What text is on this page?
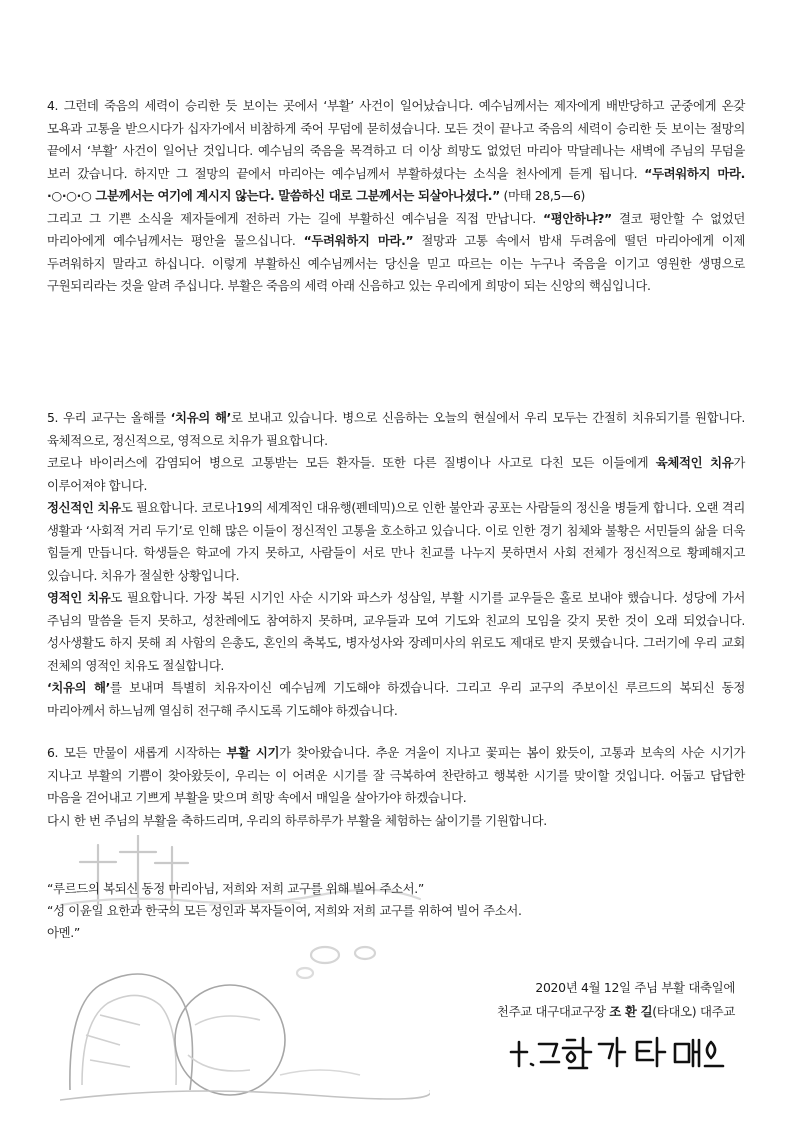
4. 그런데 죽음의 세력이 승리한 듯 보이는 곳에서 ‘부활’ 사건이 일어났습니다. 예수님께서는 제자에게 배반당하고 군중에게 온갖 모욕과 고통을 받으시다가 십자가에서 비참하게 죽어 무덤에 묻히셨습니다. 모든 것이 끝나고 죽음의 세력이 승리한 듯 보이는 절망의 끝에서 ‘부활’ 사건이 일어난 것입니다. 예수님의 죽음을 목격하고 더 이상 희망도 없었던 마리아 막달레나는 새벽에 주님의 무덤을 보러 갔습니다. 하지만 그 절망의 끝에서 마리아는 예수님께서 부활하셨다는 소식을 천사에게 듣게 됩니다. “두려워하지 마라. ·○·○·○ 그분께서는 여기에 계시지 않는다. 말씀하신 대로 그분께서는 되살아나셨다.” (마태 28,5—6)

그리고 그 기쁜 소식을 제자들에게 전하러 가는 길에 부활하신 예수님을 직접 만납니다. “평안하냐?” 결코 평안할 수 없었던 마리아에게 예수님께서는 평안을 물으십니다. “두려워하지 마라.” 절망과 고통 속에서 밤새 두려움에 떨던 마리아에게 이제 두려워하지 말라고 하십니다. 이렇게 부활하신 예수님께서는 당신을 믿고 따르는 이는 누구나 죽음을 이기고 영원한 생명으로 구원되리라는 것을 알려 주십니다. 부활은 죽음의 세력 아래 신음하고 있는 우리에게 희망이 되는 신앙의 핵심입니다.

5. 우리 교구는 올해를 ‘치유의 해’로 보내고 있습니다. 병으로 신음하는 오늘의 현실에서 우리 모두는 간절히 치유되기를 원합니다. 육체적으로, 정신적으로, 영적으로 치유가 필요합니다.

코로나 바이러스에 감염되어 병으로 고통받는 모든 환자들. 또한 다른 질병이나 사고로 다친 모든 이들에게 육체적인 치유가 이루어져야 합니다.

정신적인 치유도 필요합니다. 코로나19의 세계적인 대유행(펜데믹)으로 인한 불안과 공포는 사람들의 정신을 병들게 합니다. 오랜 격리 생활과 ‘사회적 거리 두기’로 인해 많은 이들이 정신적인 고통을 호소하고 있습니다. 이로 인한 경기 침체와 불황은 서민들의 삶을 더욱 힘들게 만듭니다. 학생들은 학교에 가지 못하고, 사람들이 서로 만나 친교를 나누지 못하면서 사회 전체가 정신적으로 황폐해지고 있습니다. 치유가 절실한 상황입니다.

영적인 치유도 필요합니다. 가장 복된 시기인 사순 시기와 파스카 성삼일, 부활 시기를 교우들은 홀로 보내야 했습니다. 성당에 가서 주님의 말씀을 듣지 못하고, 성찬례에도 참여하지 못하며, 교우들과 모여 기도와 친교의 모임을 갖지 못한 것이 오래 되었습니다. 성사생활도 하지 못해 죄 사함의 은총도, 혼인의 축복도, 병자성사와 장례미사의 위로도 제대로 받지 못했습니다. 그러기에 우리 교회 전체의 영적인 치유도 절실합니다.

‘치유의 해’를 보내며 특별히 치유자이신 예수님께 기도해야 하겠습니다. 그리고 우리 교구의 주보이신 루르드의 복되신 동정 마리아께서 하느님께 열심히 전구해 주시도록 기도해야 하겠습니다.

6. 모든 만물이 새롭게 시작하는 부활 시기가 찾아왔습니다. 추운 겨울이 지나고 꽃피는 봄이 왔듯이, 고통과 보속의 사순 시기가 지나고 부활의 기쁨이 찾아왔듯이, 우리는 이 어려운 시기를 잘 극복하여 찬란하고 행복한 시기를 맞이할 것입니다. 어둡고 답답한 마음을 걷어내고 기쁘게 부활을 맞으며 희망 속에서 매일을 살아가야 하겠습니다.

다시 한 번 주님의 부활을 축하드리며, 우리의 하루하루가 부활을 체험하는 삶이기를 기원합니다.

“루르드의 복되신 동정 마리아님, 저희와 저희 교구를 위해 빌어 주소서.”

“성 이윤일 요한과 한국의 모든 성인과 복자들이여, 저희와 저희 교구를 위하여 빌어 주소서.

아멘.”

2020년 4월 12일 주님 부활 대축일에

천주교 대구대교구장 조 환 길(타대오) 대주교
